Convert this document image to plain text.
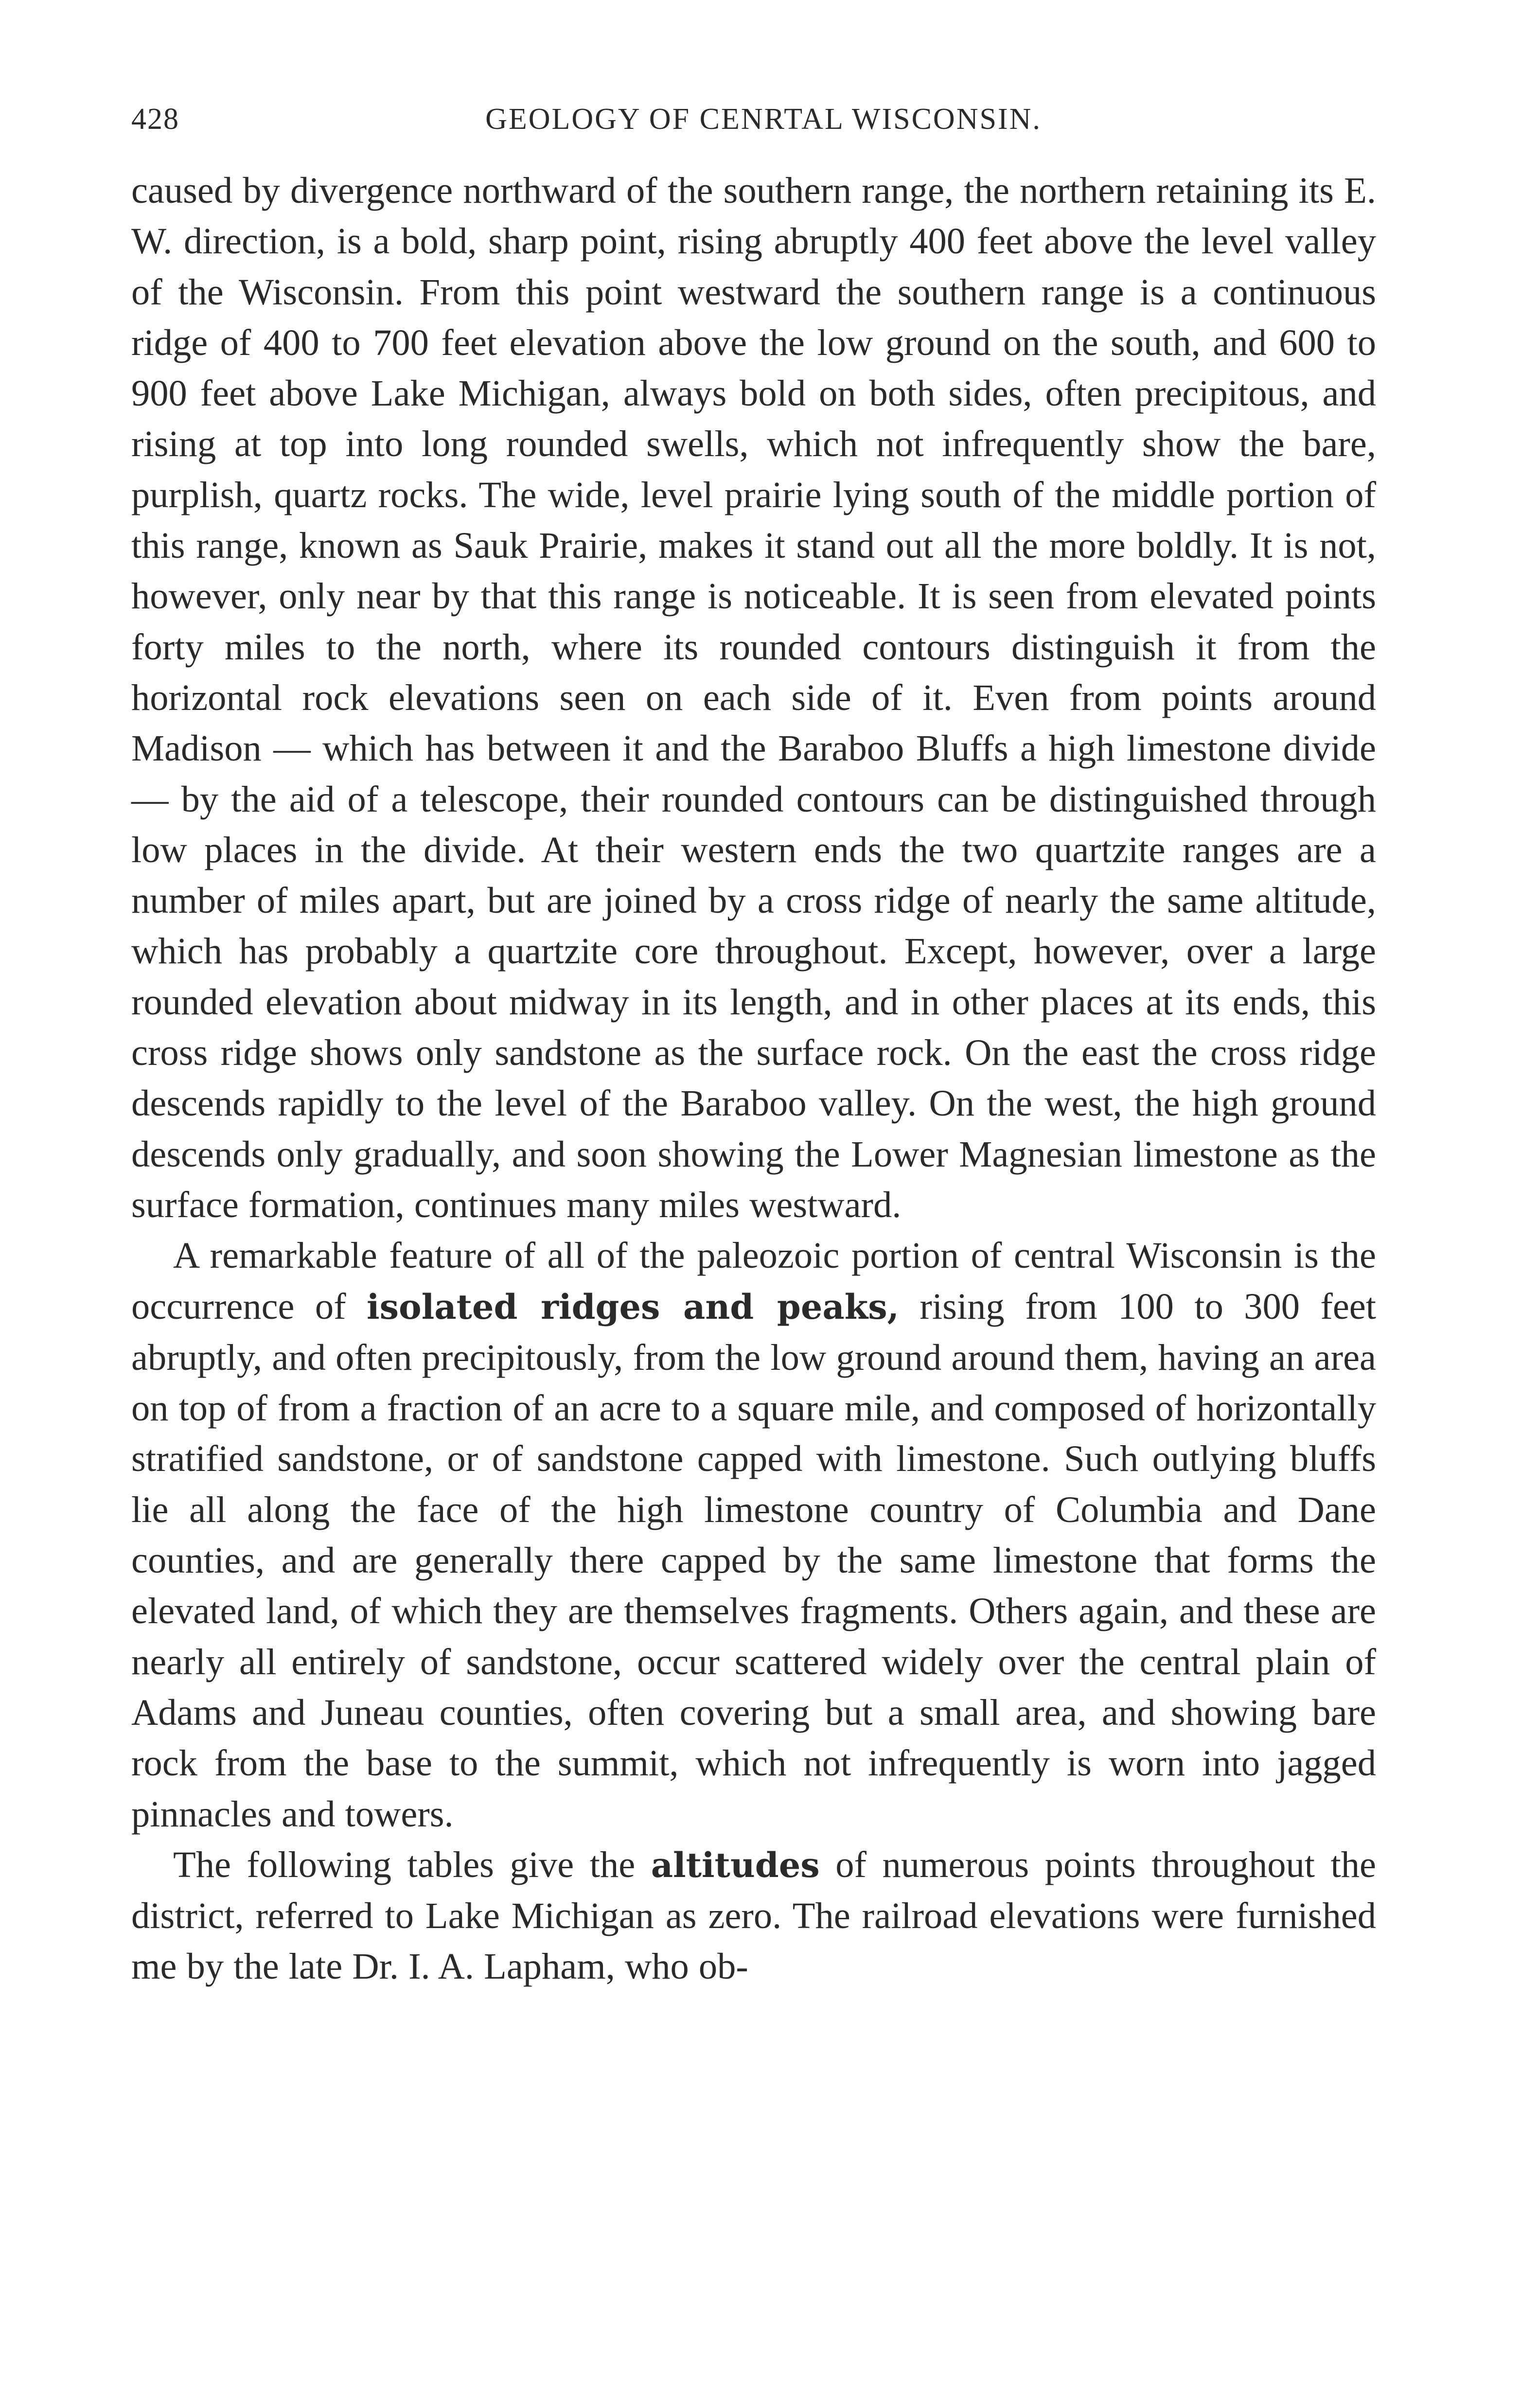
428	GEOLOGY OF CENRTAL WISCONSIN.

caused by divergence northward of the southern range, the northern retaining its E. W. direction, is a bold, sharp point, rising abruptly 400 feet above the level valley of the Wisconsin. From this point westward the southern range is a continuous ridge of 400 to 700 feet elevation above the low ground on the south, and 600 to 900 feet above Lake Michigan, always bold on both sides, often precipitous, and rising at top into long rounded swells, which not infrequently show the bare, purplish, quartz rocks. The wide, level prairie lying south of the middle portion of this range, known as Sauk Prairie, makes it stand out all the more boldly. It is not, however, only near by that this range is noticeable. It is seen from elevated points forty miles to the north, where its rounded contours distinguish it from the horizontal rock elevations seen on each side of it. Even from points around Madison — which has between it and the Baraboo Bluffs a high limestone divide — by the aid of a telescope, their rounded contours can be distinguished through low places in the divide. At their western ends the two quartzite ranges are a number of miles apart, but are joined by a cross ridge of nearly the same altitude, which has probably a quartzite core throughout. Except, however, over a large rounded elevation about midway in its length, and in other places at its ends, this cross ridge shows only sandstone as the surface rock. On the east the cross ridge descends rapidly to the level of the Baraboo valley. On the west, the high ground descends only gradually, and soon showing the Lower Magnesian limestone as the surface formation, continues many miles westward.

A remarkable feature of all of the paleozoic portion of central Wisconsin is the occurrence of isolated ridges and peaks, rising from 100 to 300 feet abruptly, and often precipitously, from the low ground around them, having an area on top of from a fraction of an acre to a square mile, and composed of horizontally stratified sandstone, or of sandstone capped with limestone. Such outlying bluffs lie all along the face of the high limestone country of Columbia and Dane counties, and are generally there capped by the same limestone that forms the elevated land, of which they are themselves fragments. Others again, and these are nearly all entirely of sandstone, occur scattered widely over the central plain of Adams and Juneau counties, often covering but a small area, and showing bare rock from the base to the summit, which not infrequently is worn into jagged pinnacles and towers.

The following tables give the altitudes of numerous points throughout the district, referred to Lake Michigan as zero. The railroad elevations were furnished me by the late Dr. I. A. Lapham, who ob-
